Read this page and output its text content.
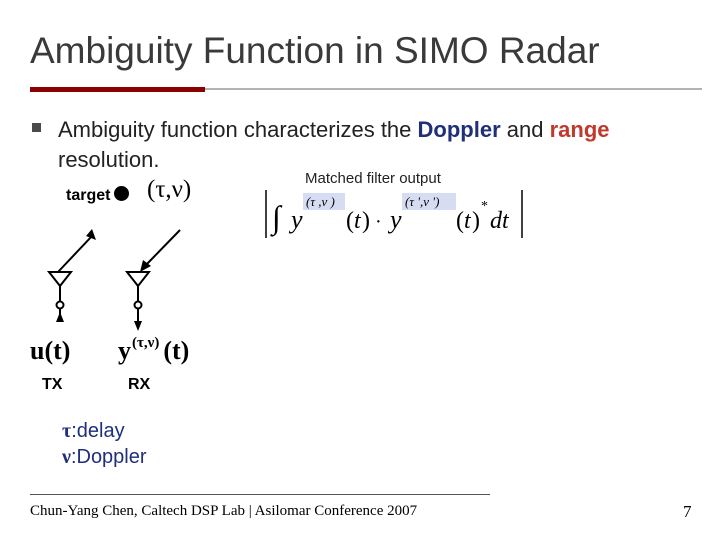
Ambiguity Function in SIMO Radar
Ambiguity function characterizes the Doppler and range
resolution.
Matched filter output
target (τ,ν)
u(t) $y^{(\tau,\nu)}$ (t)
TX	RX
∫ y
(τ ,ν )
( t ) · y
(τ ',ν ')
( t )
*
dt
τ:delay
ν:Doppler
Chun-Yang Chen, Caltech DSP Lab | Asilomar Conference 2007	7
